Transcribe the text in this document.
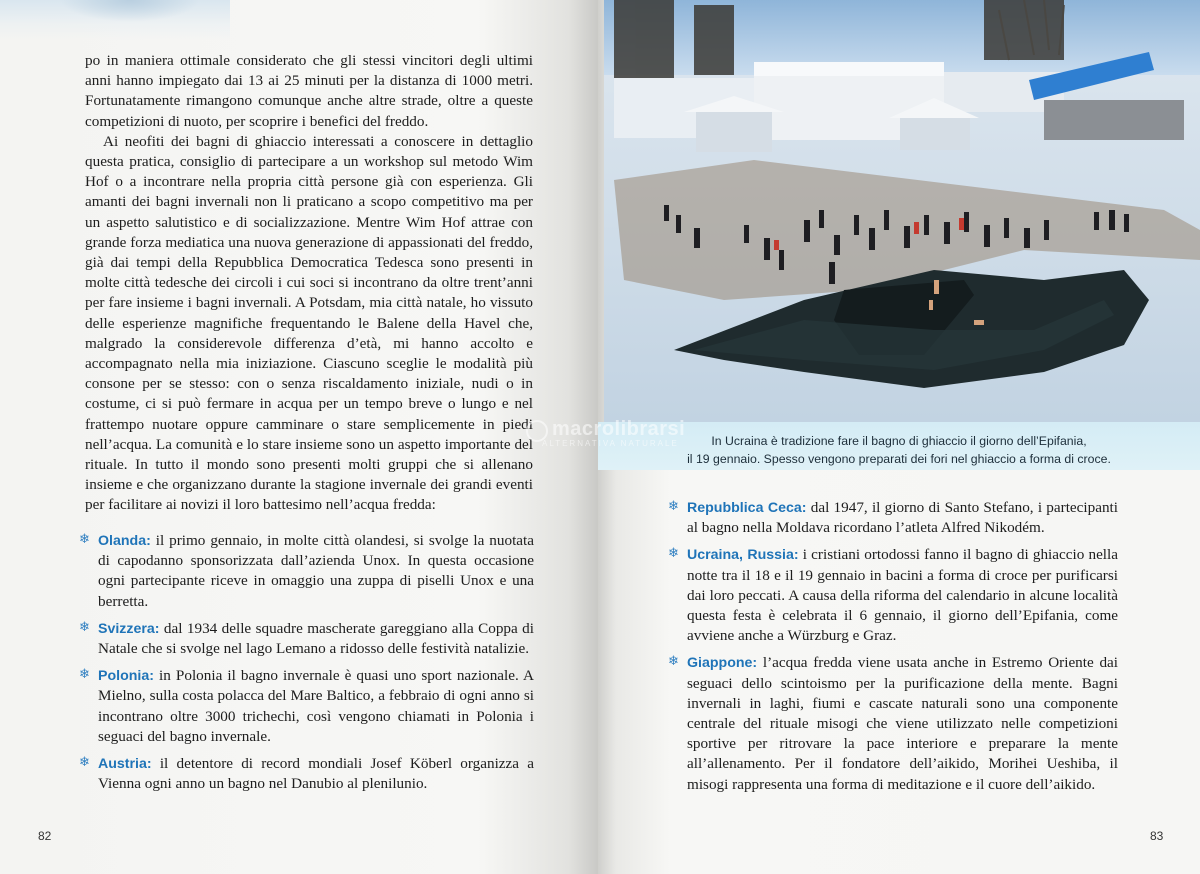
po in maniera ottimale considerato che gli stessi vincitori degli ultimi anni hanno impiegato dai 13 ai 25 minuti per la distanza di 1000 metri. Fortunatamente rimangono comunque anche altre strade, oltre a queste competizioni di nuoto, per scoprire i benefici del freddo.

Ai neofiti dei bagni di ghiaccio interessati a conoscere in dettaglio questa pratica, consiglio di partecipare a un workshop sul metodo Wim Hof o a incontrare nella propria città persone già con esperienza. Gli amanti dei bagni invernali non li praticano a scopo competitivo ma per un aspetto salutistico e di socializzazione. Mentre Wim Hof attrae con grande forza mediatica una nuova generazione di appassionati del freddo, già dai tempi della Repubblica Democratica Tedesca sono presenti in molte città tedesche dei circoli i cui soci si incontrano da oltre trent’anni per fare insieme i bagni invernali. A Potsdam, mia città natale, ho vissuto delle esperienze magnifiche frequentando le Balene della Havel che, malgrado la considerevole differenza d’età, mi hanno accolto e accompagnato nella mia iniziazione. Ciascuno sceglie le modalità più consone per se stesso: con o senza riscaldamento iniziale, nudi o in costume, ci si può fermare in acqua per un tempo breve o lungo e nel frattempo nuotare oppure camminare o stare semplicemente in piedi nell’acqua. La comunità e lo stare insieme sono un aspetto importante del rituale. In tutto il mondo sono presenti molti gruppi che si allenano insieme e che organizzano durante la stagione invernale dei grandi eventi per facilitare ai novizi il loro battesimo nell’acqua fredda:

❄ Olanda: il primo gennaio, in molte città olandesi, si svolge la nuotata di capodanno sponsorizzata dall’azienda Unox. In questa occasione ogni partecipante riceve in omaggio una zuppa di piselli Unox e una berretta.
❄ Svizzera: dal 1934 delle squadre mascherate gareggiano alla Coppa di Natale che si svolge nel lago Lemano a ridosso delle festività natalizie.
❄ Polonia: in Polonia il bagno invernale è quasi uno sport nazionale. A Mielno, sulla costa polacca del Mare Baltico, a febbraio di ogni anno si incontrano oltre 3000 trichechi, così vengono chiamati in Polonia i seguaci del bagno invernale.
❄ Austria: il detentore di record mondiali Josef Köberl organizza a Vienna ogni anno un bagno nel Danubio al plenilunio.
82
In Ucraina è tradizione fare il bagno di ghiaccio il giorno dell’Epifania,
il 19 gennaio. Spesso vengono preparati dei fori nel ghiaccio a forma di croce.
❄ Repubblica Ceca: dal 1947, il giorno di Santo Stefano, i partecipanti al bagno nella Moldava ricordano l’atleta Alfred Nikodém.
❄ Ucraina, Russia: i cristiani ortodossi fanno il bagno di ghiaccio nella notte tra il 18 e il 19 gennaio in bacini a forma di croce per purificarsi dai loro peccati. A causa della riforma del calendario in alcune località questa festa è celebrata il 6 gennaio, il giorno dell’Epifania, come avviene anche a Würzburg e Graz.
❄ Giappone: l’acqua fredda viene usata anche in Estremo Oriente dai seguaci dello scintoismo per la purificazione della mente. Bagni invernali in laghi, fiumi e cascate naturali sono una componente centrale del rituale misogi che viene utilizzato nelle competizioni sportive per ritrovare la pace interiore e preparare la mente all’allenamento. Per il fondatore dell’aikido, Morihei Ueshiba, il misogi rappresenta una forma di meditazione e il cuore dell’aikido.
83
macrolibrarsi
ALTERNATIVA NATURALE
